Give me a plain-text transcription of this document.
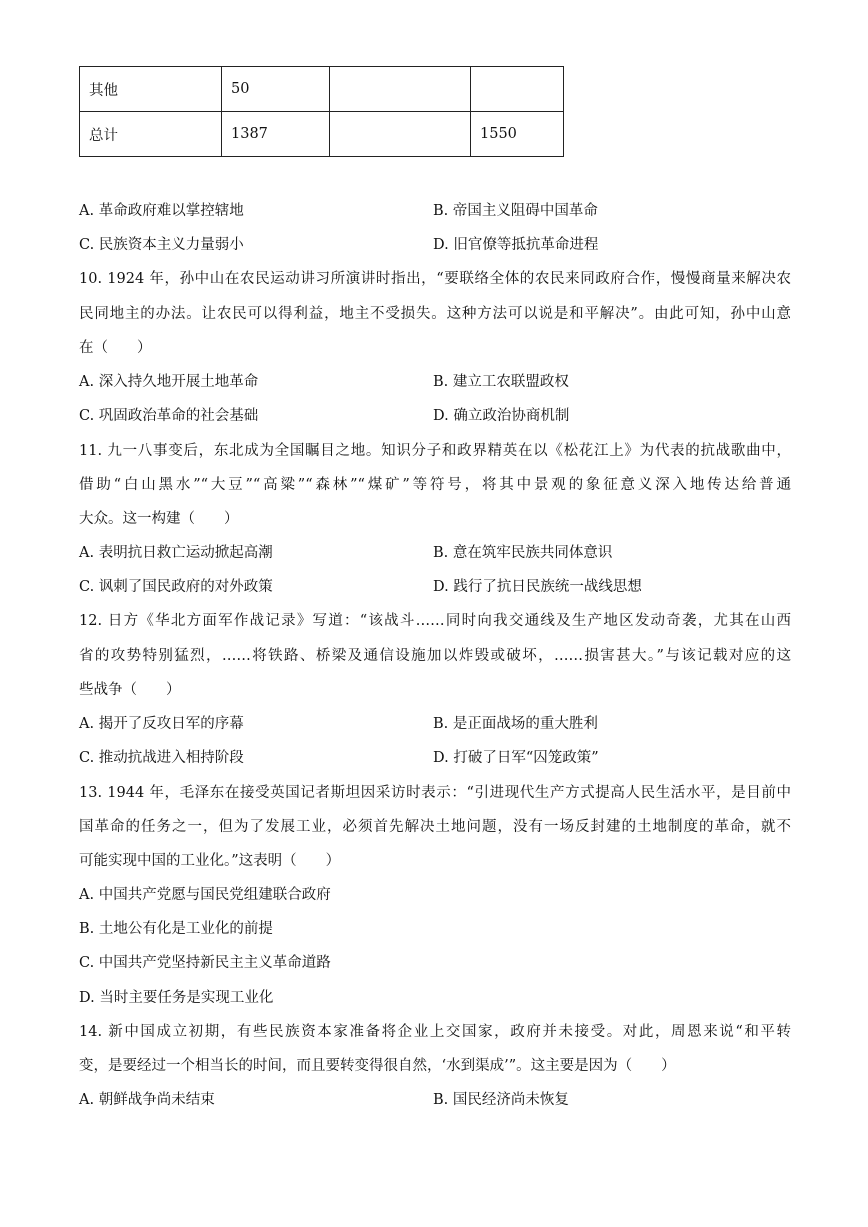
其他	50		
总计	1387		1550
A. 革命政府难以掌控辖地	B. 帝国主义阻碍中国革命
C. 民族资本主义力量弱小	D. 旧官僚等抵抗革命进程
10. 1924 年，孙中山在农民运动讲习所演讲时指出，“要联络全体的农民来同政府合作，慢慢商量来解决农
民同地主的办法。让农民可以得利益，地主不受损失。这种方法可以说是和平解决”。由此可知，孙中山意
在（　　）
A. 深入持久地开展土地革命	B. 建立工农联盟政权
C. 巩固政治革命的社会基础	D. 确立政治协商机制
11. 九一八事变后，东北成为全国瞩目之地。知识分子和政界精英在以《松花江上》为代表的抗战歌曲中，
借助“白山黑水”“大豆”“高粱”“森林”“煤矿”等符号，将其中景观的象征意义深入地传达给普通
大众。这一构建（　　）
A. 表明抗日救亡运动掀起高潮	B. 意在筑牢民族共同体意识
C. 讽刺了国民政府的对外政策	D. 践行了抗日民族统一战线思想
12. 日方《华北方面军作战记录》写道：“该战斗……同时向我交通线及生产地区发动奇袭，尤其在山西
省的攻势特别猛烈，……将铁路、桥梁及通信设施加以炸毁或破坏，……损害甚大。”与该记载对应的这
些战争（　　）
A. 揭开了反攻日军的序幕	B. 是正面战场的重大胜利
C. 推动抗战进入相持阶段	D. 打破了日军“囚笼政策”
13. 1944 年，毛泽东在接受英国记者斯坦因采访时表示：“引进现代生产方式提高人民生活水平，是目前中
国革命的任务之一，但为了发展工业，必须首先解决土地问题，没有一场反封建的土地制度的革命，就不
可能实现中国的工业化。”这表明（　　）
A. 中国共产党愿与国民党组建联合政府
B. 土地公有化是工业化的前提
C. 中国共产党坚持新民主主义革命道路
D. 当时主要任务是实现工业化
14. 新中国成立初期，有些民族资本家准备将企业上交国家，政府并未接受。对此，周恩来说“和平转
变，是要经过一个相当长的时间，而且要转变得很自然，‘水到渠成’”。这主要是因为（　　）
A. 朝鲜战争尚未结束	B. 国民经济尚未恢复
